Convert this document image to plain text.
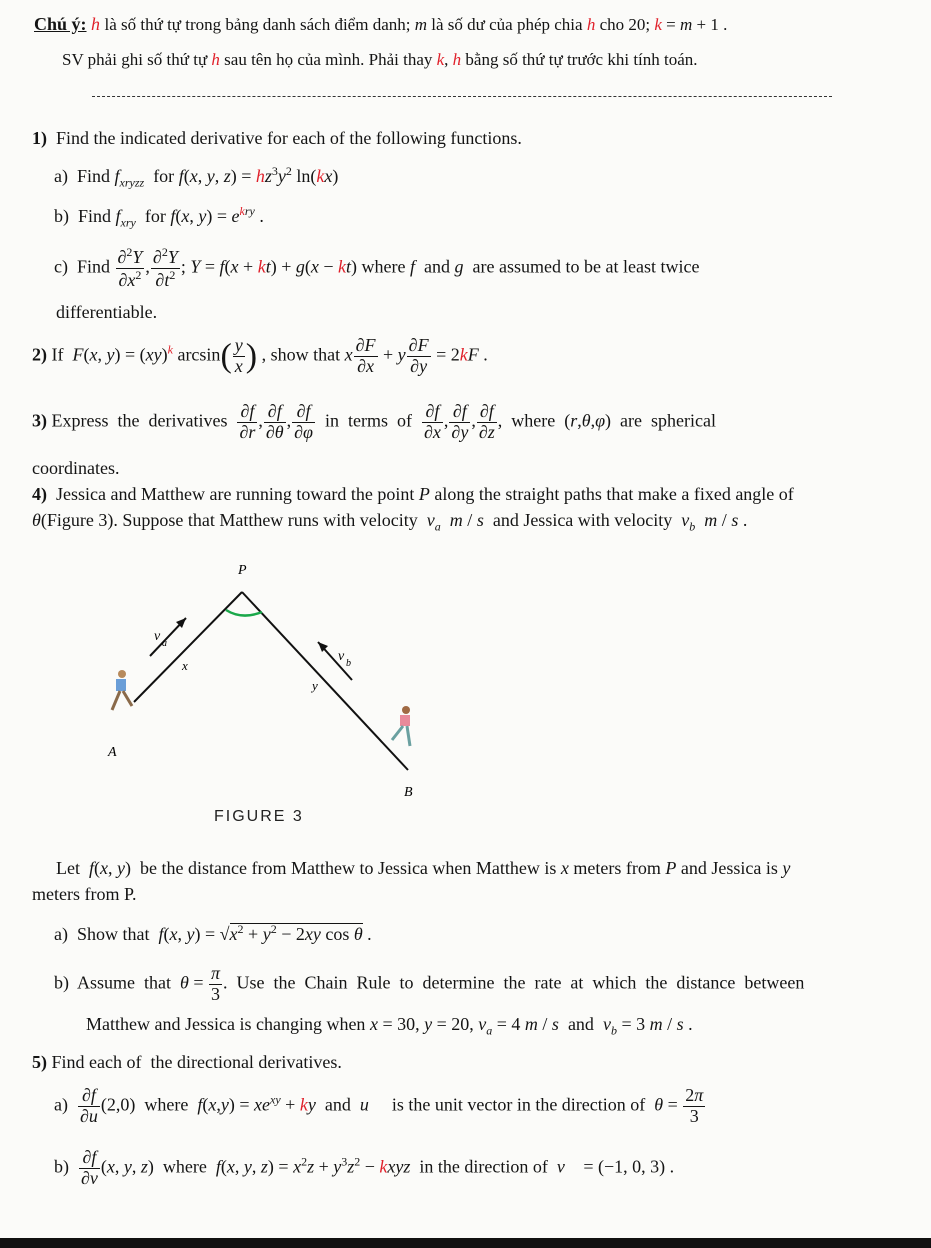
Chú ý: h là số thứ tự trong bảng danh sách điểm danh; m là số dư của phép chia h cho 20; k = m + 1 .
SV phải ghi số thứ tự h sau tên họ của mình. Phải thay k, h bằng số thứ tự trước khi tính toán.
1)  Find the indicated derivative for each of the following functions.
a)  Find $f_{xryzz}$  for f(x, y, $z) = hz^3y^2$ ln(kx)
b)  Find $f_{xry}$  for f(x, $y) = e^{kry}$ .
c)  Find $\frac{\partial^2Y}{\partial x^2}$ , $\frac{\partial^2Y}{\partial t^2}$ ; Y = f(x + kt) + g(x − kt) where f  and g  are assumed to be at least twice
differentiable.
2) If  F(x, y) = (xy)$^k$ $\arcsin( \frac{y}{x}$ ) , show that x $\frac{\partial F}{\partial x} + y \frac{\partial F}{\partial y} = 2kF$ .
3) Express  the  derivatives $\frac{\partial f}{\partial r}$ , $\frac{\partial f}{\partial\theta}$ , $\frac{\partial f}{\partial\varphi}$ in  terms  of $\frac{\partial f}{\partial x}$ , $\frac{\partial f}{\partial y}$ , $\frac{\partial f}{\partial z}$ ,  where  (r,θ,φ)  are  spherical
coordinates.
4)  Jessica and Matthew are running toward the point P along the straight paths that make a fixed angle of
θ(Figure 3). Suppose that Matthew runs with velocity  $v_a$ m / s  and Jessica with velocity  $v_b$ m / s .
P
A
B
v a
v b
x
y
FIGURE 3
Let  f(x, y)  be the distance from Matthew to Jessica when Matthew is x meters from P and Jessica is y
meters from P.
a)  Show that  f(x, $y) = √x^2 + y^2 - 2xy$ cos θ .
b)  Assume  that  $\theta = \frac{\pi}{3}$ .  Use  the  Chain  Rule  to  determine  the  rate  at  which  the  distance  between
Matthew and Jessica is changing when x = 30, y = 20, $v_a = 4$ m / s  and  $v_b = 3$ m / s .
5) Find each of  the directional derivatives.
$a) \frac{\partial f}{\partial u} (2,0)$  where  $f(x,y) = xe^{xy}$ + ky  and  u⃗  is the unit vector in the direction of  $\theta = \frac{2\pi}{3}$
$b) \frac{\partial f}{\partial v} (x$, y, z)  where  f(x, y, $z) = x^2z + y^3z^2$ − kxyz  in the direction of  v⃗ = (−1, 0, 3) .
